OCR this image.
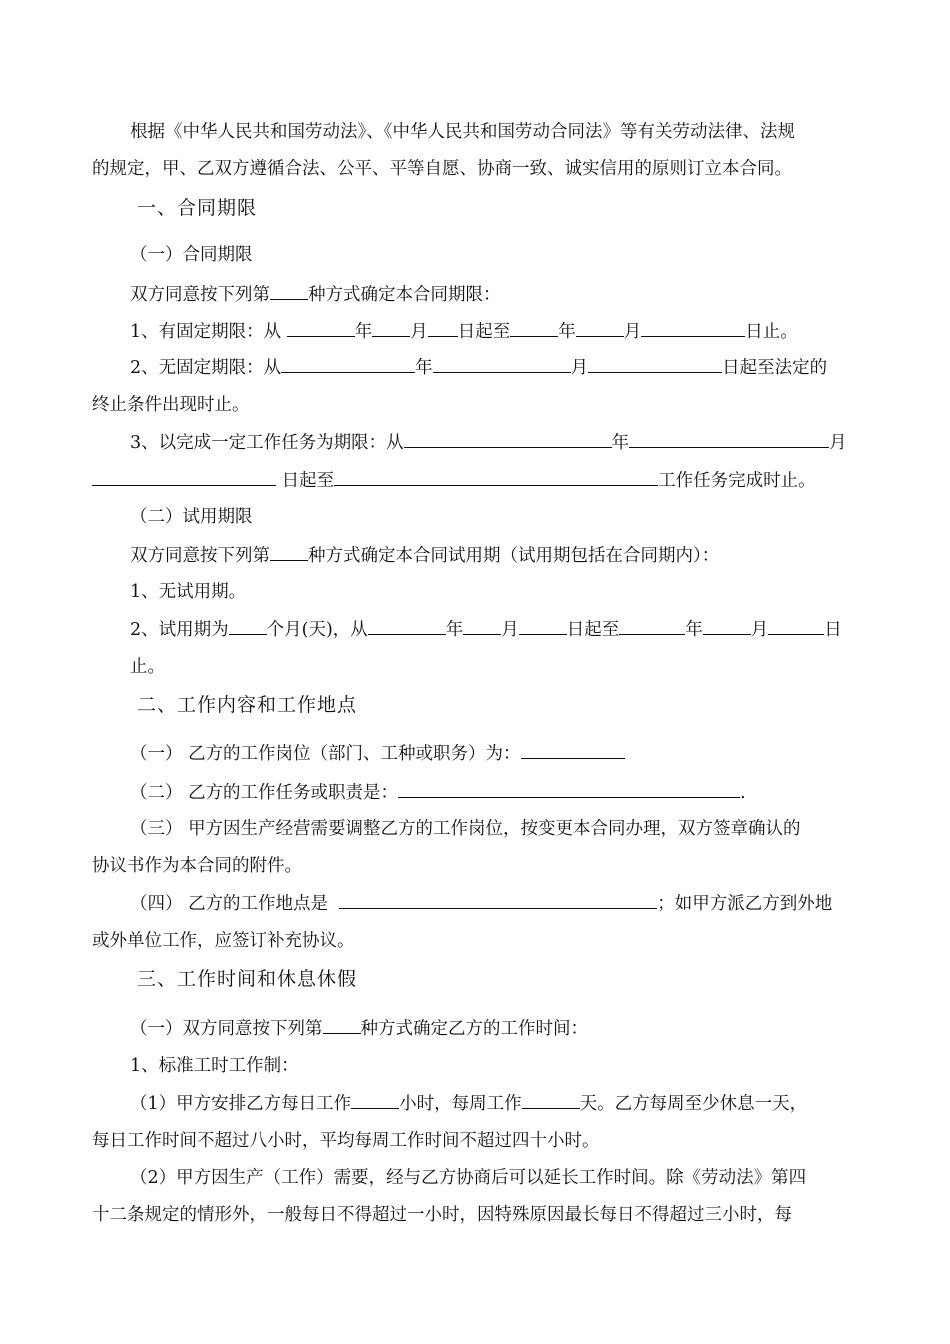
根据《中华人民共和国劳动法》、《中华人民共和国劳动合同法》等有关劳动法律、法规
的规定，甲、乙双方遵循合法、公平、平等自愿、协商一致、诚实信用的原则订立本合同。
一、合同期限
（一）合同期限
双方同意按下列第 种方式确定本合同期限：
1、有固定期限：从	年 月 日起至	年	月	日止。
2、无固定期限：从	年	月	日起至法定的
终止条件出现时止。
3、以完成一定工作任务为期限：从	年	月
日起至	工作任务完成时止。
（二）试用期限
双方同意按下列第 种方式确定本合同试用期（试用期包括在合同期内）：
1、无试用期。
2、试用期为 个月(天)，从	年 月	日起至	年	月	日
止。
二、工作内容和工作地点
（一） 乙方的工作岗位（部门、工种或职务）为：
（二） 乙方的工作任务或职责是：	.
（三） 甲方因生产经营需要调整乙方的工作岗位，按变更本合同办理，双方签章确认的
协议书作为本合同的附件。
（四） 乙方的工作地点是	；如甲方派乙方到外地
或外单位工作，应签订补充协议。
三、工作时间和休息休假
（一）双方同意按下列第 种方式确定乙方的工作时间：
1、标准工时工作制：
（1）甲方安排乙方每日工作	小时，每周工作	天。乙方每周至少休息一天，
每日工作时间不超过八小时，平均每周工作时间不超过四十小时。
（2）甲方因生产（工作）需要，经与乙方协商后可以延长工作时间。除《劳动法》第四
十二条规定的情形外，一般每日不得超过一小时，因特殊原因最长每日不得超过三小时，每
